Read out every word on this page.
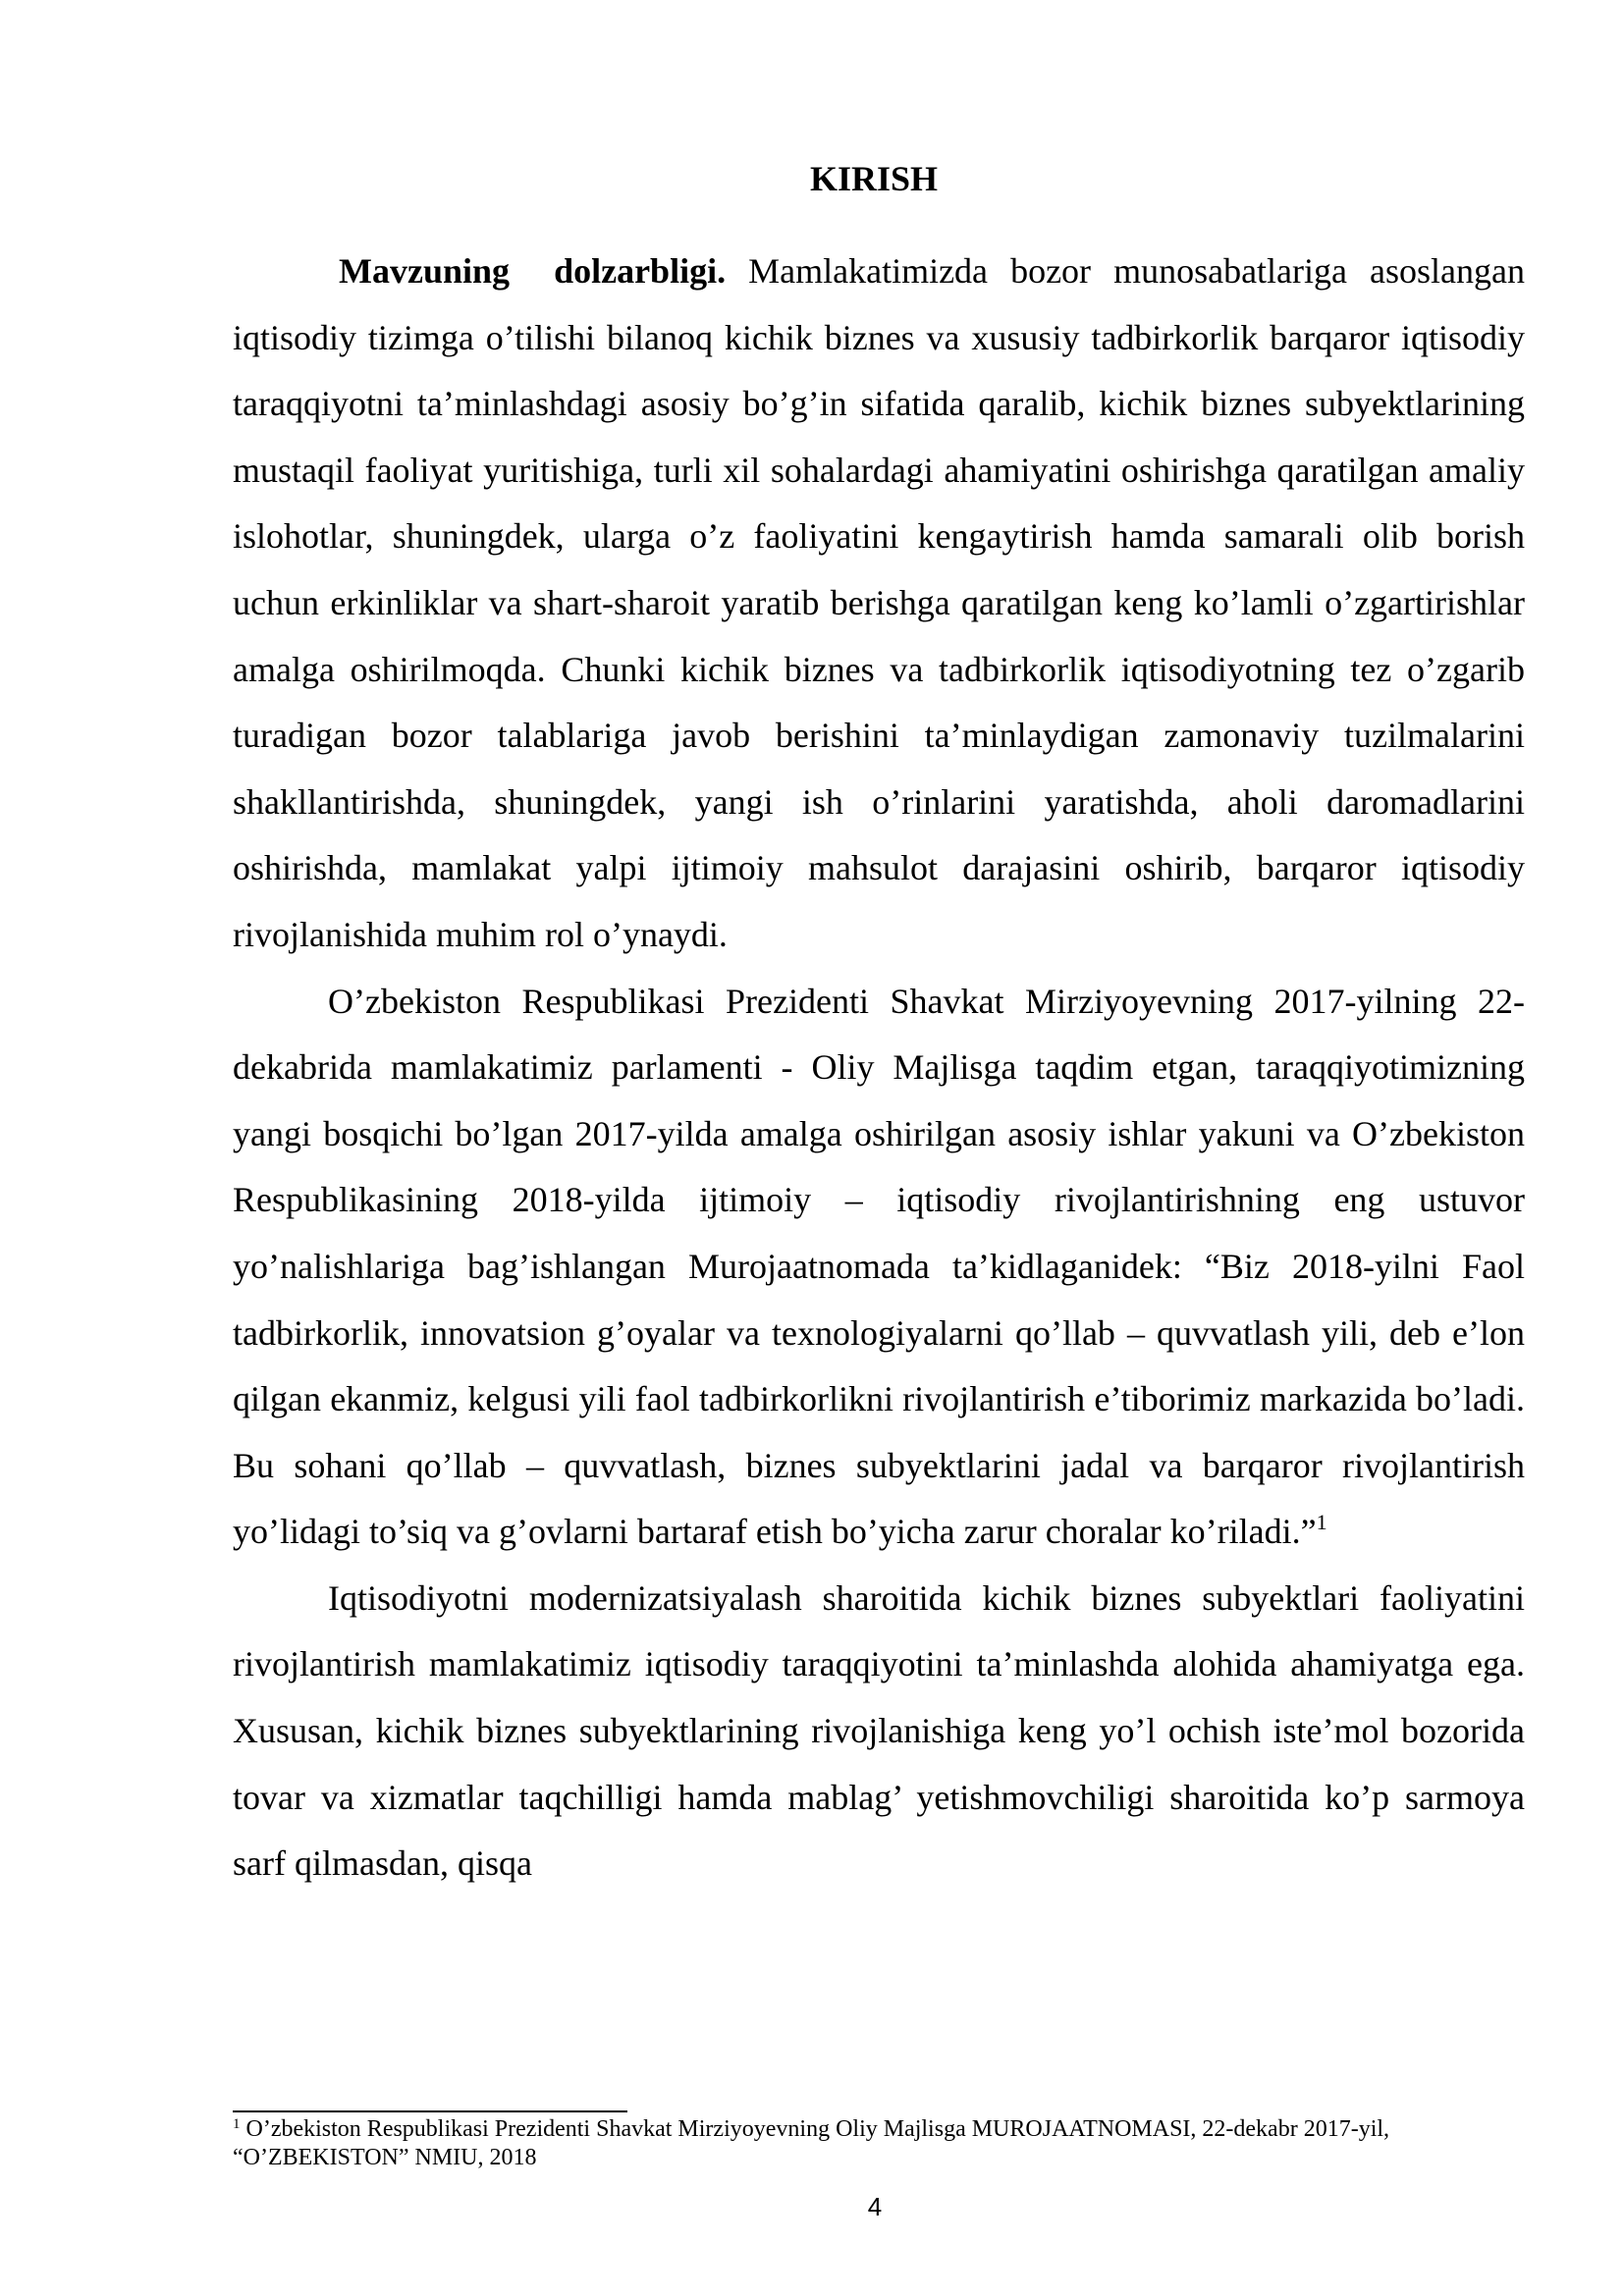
KIRISH

Mavzuning dolzarbligi. Mamlakatimizda bozor munosabatlariga asoslangan iqtisodiy tizimga o’tilishi bilanoq kichik biznes va xususiy tadbirkorlik barqaror iqtisodiy taraqqiyotni ta’minlashdagi asosiy bo’g’in sifatida qaralib, kichik biznes subyektlarining mustaqil faoliyat yuritishiga, turli xil sohalardagi ahamiyatini oshirishga qaratilgan amaliy islohotlar, shuningdek, ularga o’z faoliyatini kengaytirish hamda samarali olib borish uchun erkinliklar va shart-sharoit yaratib berishga qaratilgan keng ko’lamli o’zgartirishlar amalga oshirilmoqda. Chunki kichik biznes va tadbirkorlik iqtisodiyotning tez o’zgarib turadigan bozor talablariga javob berishini ta’minlaydigan zamonaviy tuzilmalarini shakllantirishda, shuningdek, yangi ish o’rinlarini yaratishda, aholi daromadlarini oshirishda, mamlakat yalpi ijtimoiy mahsulot darajasini oshirib, barqaror iqtisodiy rivojlanishida muhim rol o’ynaydi.

O’zbekiston Respublikasi Prezidenti Shavkat Mirziyoyevning 2017-yilning 22-dekabrida mamlakatimiz parlamenti - Oliy Majlisga taqdim etgan, taraqqiyotimizning yangi bosqichi bo’lgan 2017-yilda amalga oshirilgan asosiy ishlar yakuni va O’zbekiston Respublikasining 2018-yilda ijtimoiy – iqtisodiy rivojlantirishning eng ustuvor yo’nalishlariga bag’ishlangan Murojaatnomada ta’kidlaganidek: “Biz 2018-yilni Faol tadbirkorlik, innovatsion g’oyalar va texnologiyalarni qo’llab – quvvatlash yili, deb e’lon qilgan ekanmiz, kelgusi yili faol tadbirkorlikni rivojlantirish e’tiborimiz markazida bo’ladi. Bu sohani qo’llab – quvvatlash, biznes subyektlarini jadal va barqaror rivojlantirish yo’lidagi to’siq va g’ovlarni bartaraf etish bo’yicha zarur choralar ko’riladi.”$^1$

Iqtisodiyotni modernizatsiyalash sharoitida kichik biznes subyektlari faoliyatini rivojlantirish mamlakatimiz iqtisodiy taraqqiyotini ta’minlashda alohida ahamiyatga ega. Xususan, kichik biznes subyektlarining rivojlanishiga keng yo’l ochish iste’mol bozorida tovar va xizmatlar taqchilligi hamda mablag’ yetishmovchiligi sharoitida ko’p sarmoya sarf qilmasdan, qisqa

$^1$ O’zbekiston Respublikasi Prezidenti Shavkat Mirziyoyevning Oliy Majlisga MUROJAATNOMASI, 22-dekabr 2017-yil, “O’ZBEKISTON” NMIU, 2018
4
